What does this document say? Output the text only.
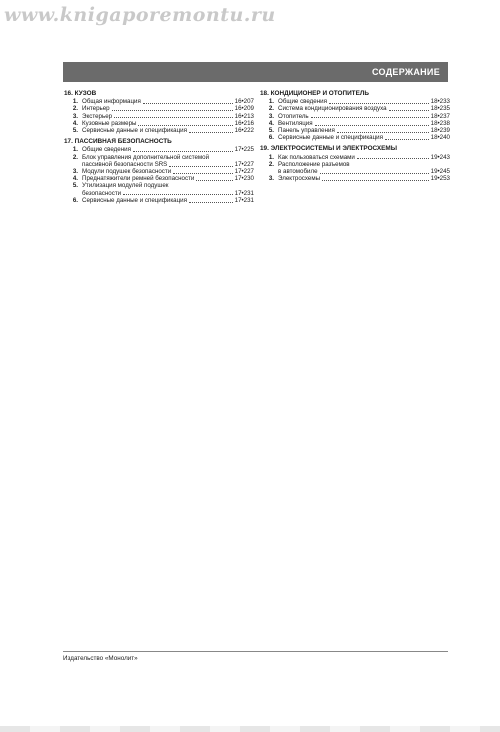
www.knigaporemontu.ru
СОДЕРЖАНИЕ
16. КУЗОВ
1. Общая информация	16•207
2. Интерьер	16•209
3. Экстерьер	16•213
4. Кузовные размеры	16•216
5. Сервисные данные и спецификация	16•222
17. ПАССИВНАЯ БЕЗОПАСНОСТЬ
1. Общие сведения	17•225
2. Блок управления дополнительной системой
пассивной безопасности SRS	17•227
3. Модули подушек безопасности	17•227
4. Преднатяжители ремней безопасности	17•230
5. Утилизация модулей подушек
безопасности	17•231
6. Сервисные данные и спецификация	17•231
18. КОНДИЦИОНЕР И ОТОПИТЕЛЬ
1. Общие сведения	18•233
2. Система кондиционирования воздуха	18•235
3. Отопитель	18•237
4. Вентиляция	18•238
5. Панель управления	18•239
6. Сервисные данные и спецификация	18•240
19. ЭЛЕКТРОСИСТЕМЫ И ЭЛЕКТРОСХЕМЫ
1. Как пользоваться схемами	19•243
2. Расположение разъемов
в автомобиле	19•245
3. Электросхемы	19•253
Издательство «Монолит»
